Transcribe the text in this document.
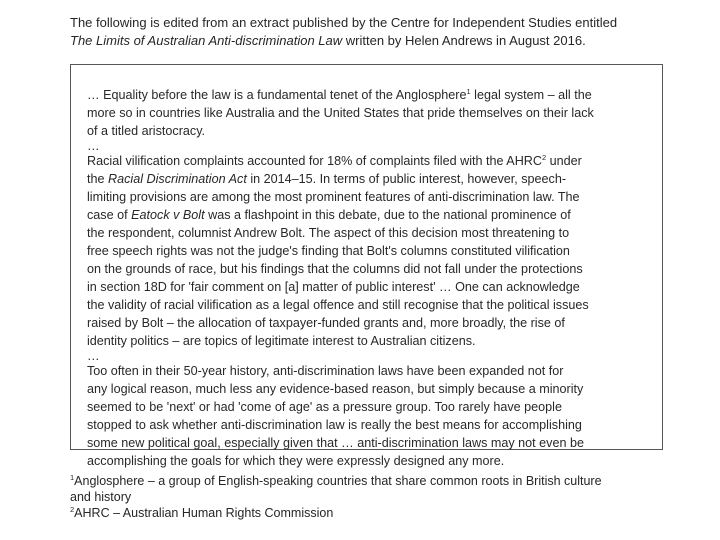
The following is edited from an extract published by the Centre for Independent Studies entitled
The Limits of Australian Anti-discrimination Law written by Helen Andrews in August 2016.
… Equality before the law is a fundamental tenet of the Anglosphere$^1$ legal system – all the
more so in countries like Australia and the United States that pride themselves on their lack
of a titled aristocracy.
…
Racial vilification complaints accounted for 18% of complaints filed with the AHRC$^2$ under
the Racial Discrimination Act in 2014–15. In terms of public interest, however, speech-
limiting provisions are among the most prominent features of anti-discrimination law. The
case of Eatock v Bolt was a flashpoint in this debate, due to the national prominence of
the respondent, columnist Andrew Bolt. The aspect of this decision most threatening to
free speech rights was not the judge's finding that Bolt's columns constituted vilification
on the grounds of race, but his findings that the columns did not fall under the protections
in section 18D for 'fair comment on [a] matter of public interest' … One can acknowledge
the validity of racial vilification as a legal offence and still recognise that the political issues
raised by Bolt – the allocation of taxpayer-funded grants and, more broadly, the rise of
identity politics – are topics of legitimate interest to Australian citizens.
…
Too often in their 50-year history, anti-discrimination laws have been expanded not for
any logical reason, much less any evidence-based reason, but simply because a minority
seemed to be 'next' or had 'come of age' as a pressure group. Too rarely have people
stopped to ask whether anti-discrimination law is really the best means for accomplishing
some new political goal, especially given that … anti-discrimination laws may not even be
accomplishing the goals for which they were expressly designed any more.
$^1$Anglosphere – a group of English-speaking countries that share common roots in British culture
and history
$^2$AHRC – Australian Human Rights Commission
